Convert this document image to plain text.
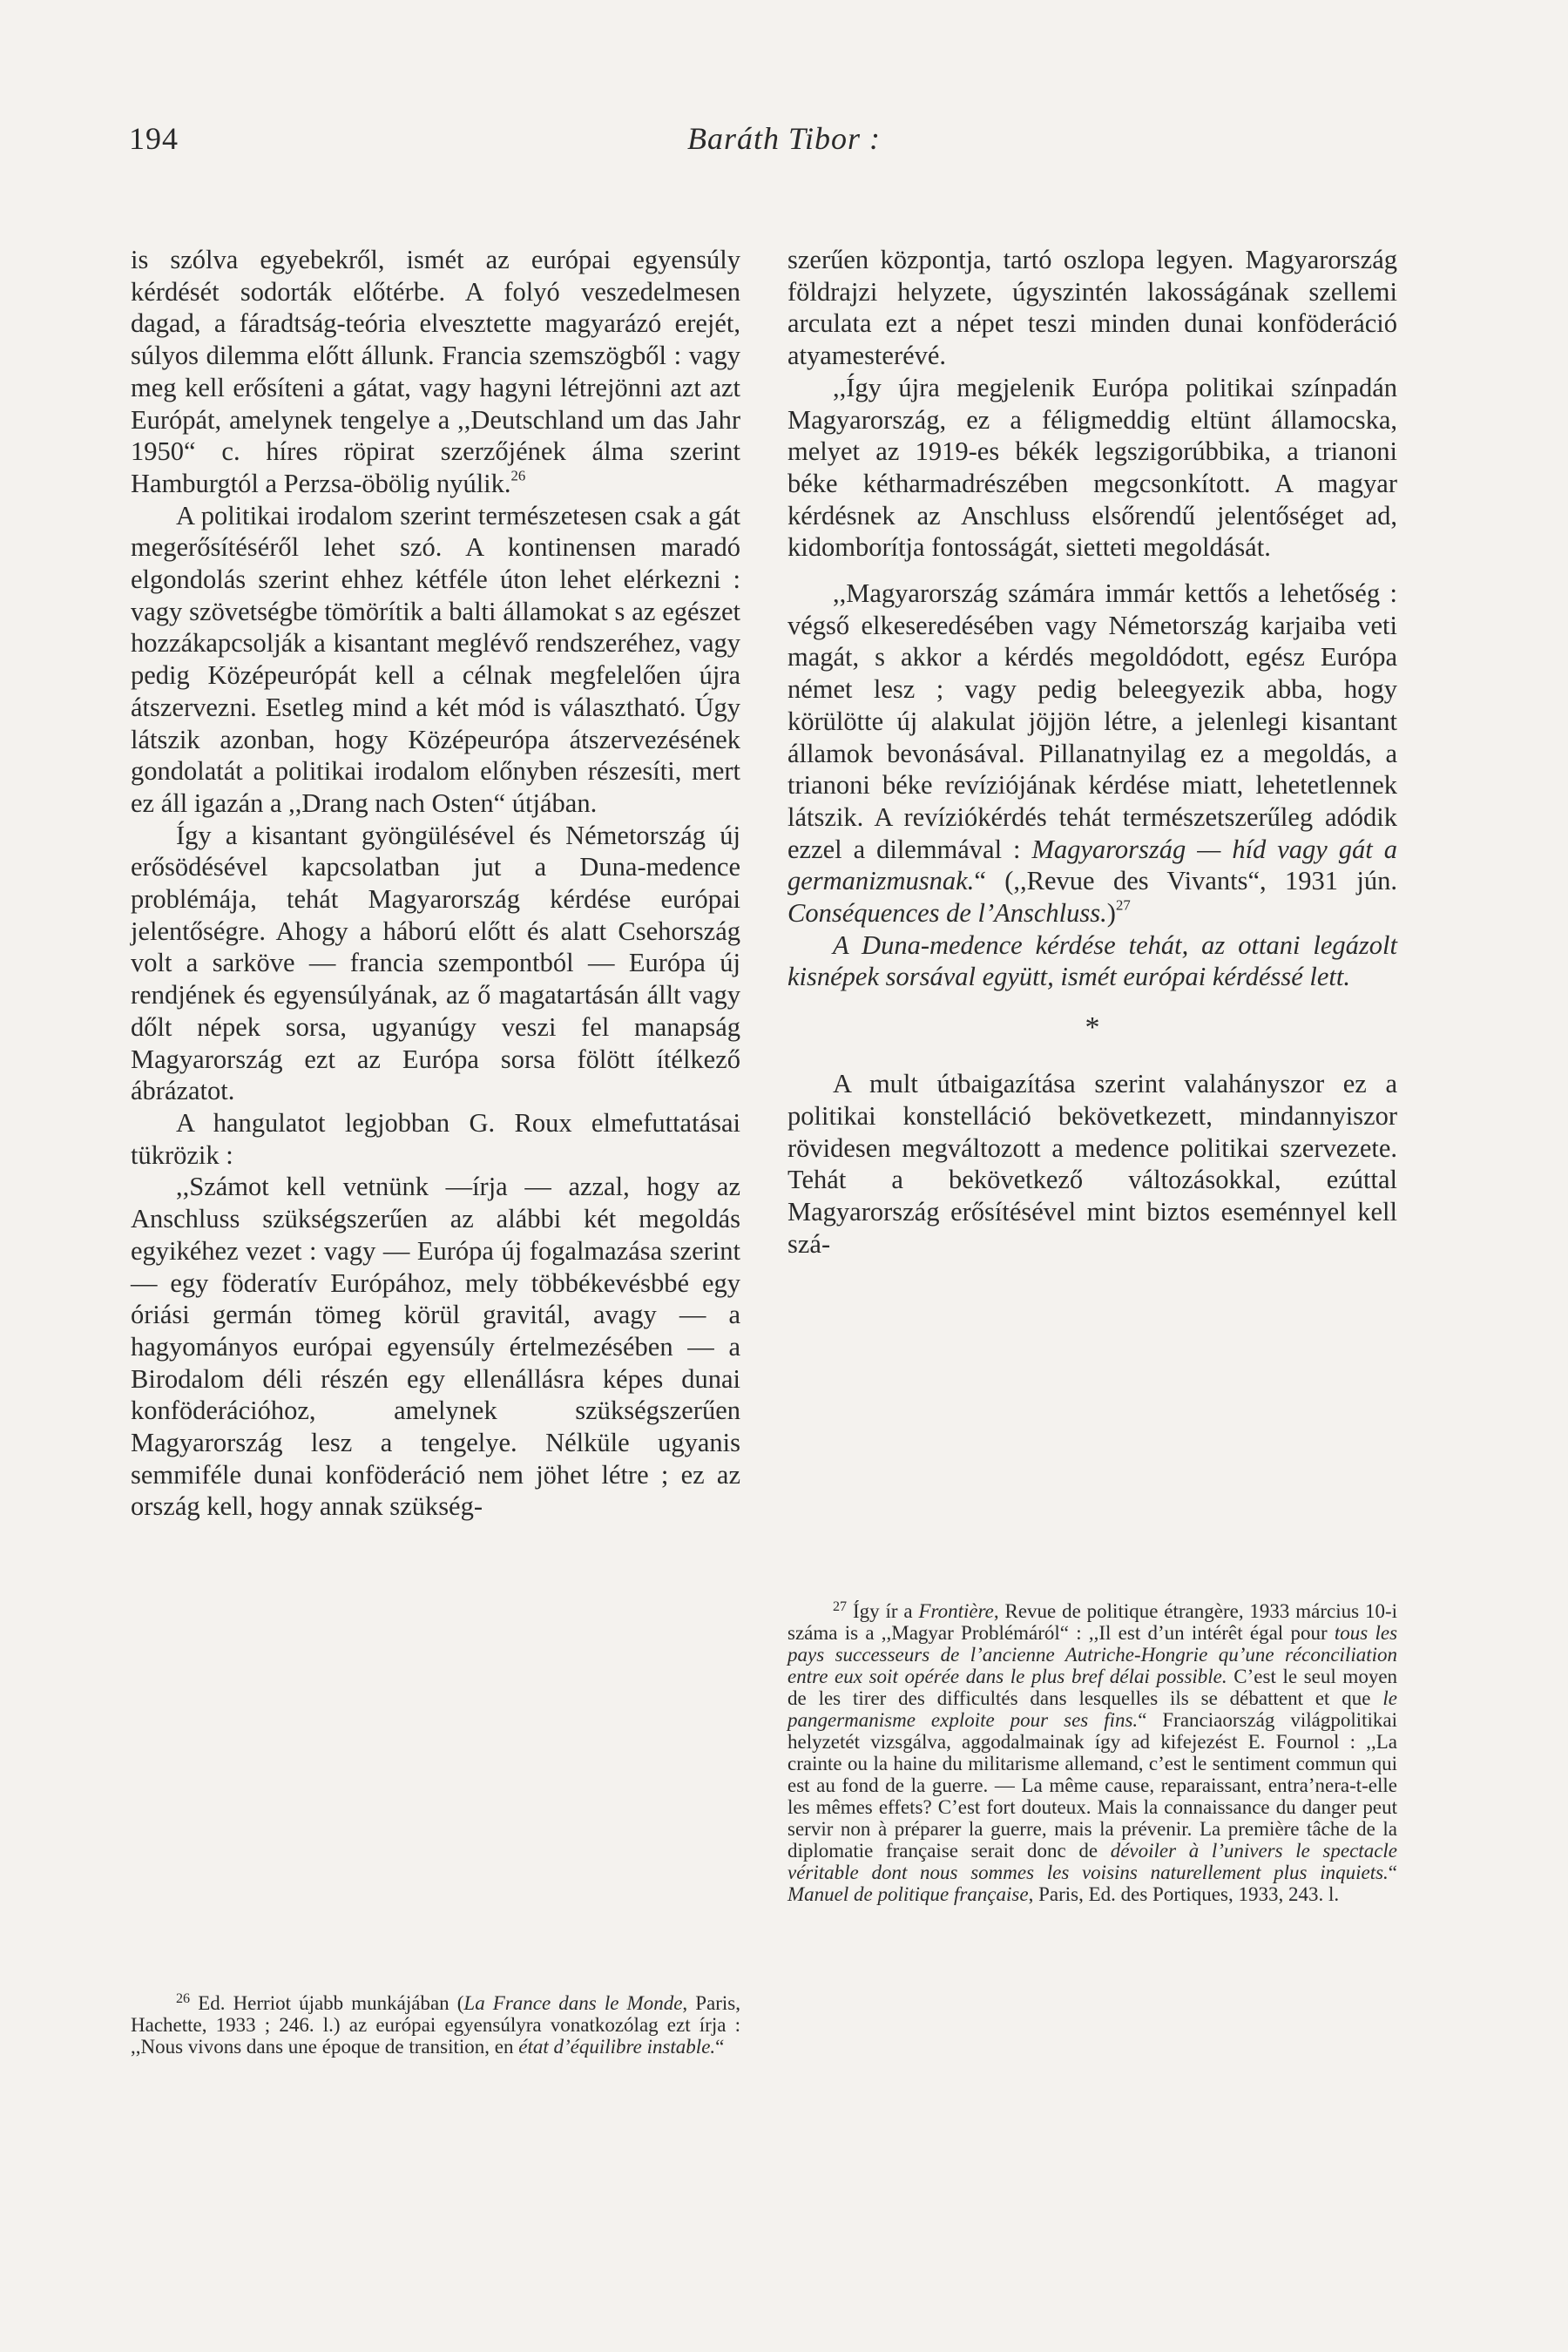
194	Baráth Tibor :

is szólva egyebekről, ismét az európai egyensúly kérdését sodorták előtérbe. A folyó veszedelmesen dagad, a fáradtság-teória elvesztette magyarázó erejét, súlyos dilemma előtt állunk. Francia szemszögből : vagy meg kell erősíteni a gátat, vagy hagyni létrejönni azt azt Európát, amelynek tengelye a ,,Deutschland um das Jahr 1950“ c. híres röpirat szerzőjének álma szerint Hamburgtól a Perzsa-öbölig nyúlik.$^{26}$

A politikai irodalom szerint természetesen csak a gát megerősítéséről lehet szó. A kontinensen maradó elgondolás szerint ehhez kétféle úton lehet elérkezni : vagy szövetségbe tömörítik a balti államokat s az egészet hozzákapcsolják a kisantant meglévő rendszeréhez, vagy pedig Középeurópát kell a célnak megfelelően újra átszervezni. Esetleg mind a két mód is választható. Úgy látszik azonban, hogy Középeurópa átszervezésének gondolatát a politikai irodalom előnyben részesíti, mert ez áll igazán a ,,Drang nach Osten“ útjában.

Így a kisantant gyöngülésével és Németország új erősödésével kapcsolatban jut a Duna-medence problémája, tehát Magyarország kérdése európai jelentőségre. Ahogy a háború előtt és alatt Csehország volt a sarköve — francia szempontból — Európa új rendjének és egyensúlyának, az ő magatartásán állt vagy dőlt népek sorsa, ugyanúgy veszi fel manapság Magyarország ezt az Európa sorsa fölött ítélkező ábrázatot.

A hangulatot legjobban G. Roux elmefuttatásai tükrözik :

,,Számot kell vetnünk —írja — azzal, hogy az Anschluss szükségszerűen az alábbi két megoldás egyikéhez vezet : vagy — Európa új fogalmazása szerint — egy föderatív Európához, mely többékevésbbé egy óriási germán tömeg körül gravitál, avagy — a hagyományos európai egyensúly értelmezésében — a Birodalom déli részén egy ellenállásra képes dunai konföderációhoz, amelynek szükségszerűen Magyarország lesz a tengelye. Nélküle ugyanis semmiféle dunai konföderáció nem jöhet létre ; ez az ország kell, hogy annak szükség-

szerűen központja, tartó oszlopa legyen. Magyarország földrajzi helyzete, úgyszintén lakosságának szellemi arculata ezt a népet teszi minden dunai konföderáció atyamesterévé.

,,Így újra megjelenik Európa politikai színpadán Magyarország, ez a féligmeddig eltünt államocska, melyet az 1919-es békék legszigorúbbika, a trianoni béke kétharmadrészében megcsonkított. A magyar kérdésnek az Anschluss elsőrendű jelentőséget ad, kidomborítja fontosságát, sietteti megoldását.

,,Magyarország számára immár kettős a lehetőség : végső elkeseredésében vagy Németország karjaiba veti magát, s akkor a kérdés megoldódott, egész Európa német lesz ; vagy pedig beleegyezik abba, hogy körülötte új alakulat jöjjön létre, a jelenlegi kisantant államok bevonásával. Pillanatnyilag ez a megoldás, a trianoni béke revíziójának kérdése miatt, lehetetlennek látszik. A revíziókérdés tehát természetszerűleg adódik ezzel a dilemmával : Magyarország — híd vagy gát a germanizmusnak.“ (,,Revue des Vivants“, 1931 jún. Conséquences de l’Anschluss.)$^{27}$

A Duna-medence kérdése tehát, az ottani legázolt kisnépek sorsával együtt, ismét európai kérdéssé lett.

*

A mult útbaigazítása szerint valahányszor ez a politikai konstelláció bekövetkezett, mindannyiszor rövidesen megváltozott a medence politikai szervezete. Tehát a bekövetkező változásokkal, ezúttal Magyarország erősítésével mint biztos eseménnyel kell szá-

$^{26}$ Ed. Herriot újabb munkájában (La France dans le Monde, Paris, Hachette, 1933 ; 246. l.) az európai egyensúlyra vonatkozólag ezt írja : ,,Nous vivons dans une époque de transition, en état d’équilibre instable.“

$^{27}$ Így ír a Frontière, Revue de politique étrangère, 1933 március 10-i száma is a ,,Magyar Problémáról“ : ,,Il est d’un intérêt égal pour tous les pays successeurs de l’ancienne Autriche-Hongrie qu’une réconciliation entre eux soit opérée dans le plus bref délai possible. C’est le seul moyen de les tirer des difficultés dans lesquelles ils se débattent et que le pangermanisme exploite pour ses fins.“ Franciaország világpolitikai helyzetét vizsgálva, aggodalmainak így ad kifejezést E. Fournol : ,,La crainte ou la haine du militarisme allemand, c’est le sentiment commun qui est au fond de la guerre. — La même cause, reparaissant, entra’nera-t-elle les mêmes effets? C’est fort douteux. Mais la connaissance du danger peut servir non à préparer la guerre, mais la prévenir. La première tâche de la diplomatie française serait donc de dévoiler à l’univers le spectacle véritable dont nous sommes les voisins naturellement plus inquiets.“ Manuel de politique française, Paris, Ed. des Portiques, 1933, 243. l.
